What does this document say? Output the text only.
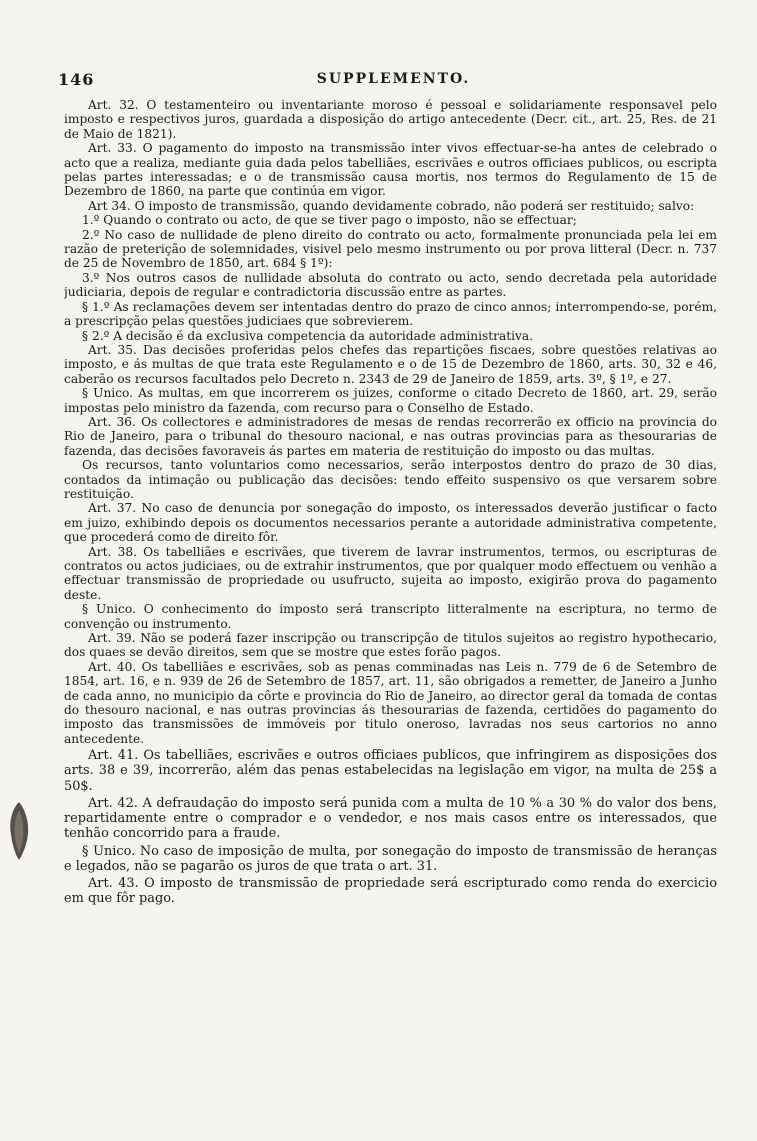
146	SUPPLEMENTO.

Art. 32. O testamenteiro ou inventariante moroso é pessoal e solidariamente responsavel pelo imposto e respectivos juros, guardada a disposição do artigo antecedente (Decr. cit., art. 25, Res. de 21 de Maio de 1821).

Art. 33. O pagamento do imposto na transmissão inter vivos effectuar-se-ha antes de celebrado o acto que a realiza, mediante guia dada pelos tabelliães, escrivães e outros officiaes publicos, ou escripta pelas partes interessadas; e o de transmissão causa mortis, nos termos do Regulamento de 15 de Dezembro de 1860, na parte que continúa em vigor.

Art 34. O imposto de transmissão, quando devidamente cobrado, não poderá ser restituido; salvo:

1.º Quando o contrato ou acto, de que se tiver pago o imposto, não se effectuar;

2.º No caso de nullidade de pleno direito do contrato ou acto, formalmente pronunciada pela lei em razão de preterição de solemnidades, visivel pelo mesmo instrumento ou por prova litteral (Decr. n. 737 de 25 de Novembro de 1850, art. 684 § 1º):

3.º Nos outros casos de nullidade absoluta do contrato ou acto, sendo decretada pela autoridade judiciaria, depois de regular e contradictoria discussão entre as partes.

§ 1.º As reclamações devem ser intentadas dentro do prazo de cinco annos; interrompendo-se, porém, a prescripção pelas questões judiciaes que sobrevierem.

§ 2.º A decisão é da exclusiva competencia da autoridade administrativa.

Art. 35. Das decisões proferidas pelos chefes das repartições fiscaes, sobre questões relativas ao imposto, e ás multas de que trata este Regulamento e o de 15 de Dezembro de 1860, arts. 30, 32 e 46, caberão os recursos facultados pelo Decreto n. 2343 de 29 de Janeiro de 1859, arts. 3º, § 1º, e 27.

§ Unico. As multas, em que incorrerem os juizes, conforme o citado Decreto de 1860, art. 29, serão impostas pelo ministro da fazenda, com recurso para o Conselho de Estado.

Art. 36. Os collectores e administradores de mesas de rendas recorrerão ex officio na provincia do Rio de Janeiro, para o tribunal do thesouro nacional, e nas outras provincias para as thesourarias de fazenda, das decisões favoraveis ás partes em materia de restituição do imposto ou das multas.

Os recursos, tanto voluntarios como necessarios, serão interpostos dentro do prazo de 30 dias, contados da intimação ou publicação das decisões: tendo effeito suspensivo os que versarem sobre restituição.

Art. 37. No caso de denuncia por sonegação do imposto, os interessados deverão justificar o facto em juizo, exhibindo depois os documentos necessarios perante a autoridade administrativa competente, que procederá como de direito fôr.

Art. 38. Os tabelliães e escrivães, que tiverem de lavrar instrumentos, termos, ou escripturas de contratos ou actos judiciaes, ou de extrahir instrumentos, que por qualquer modo effectuem ou venhão a effectuar transmissão de propriedade ou usufructo, sujeita ao imposto, exigirão prova do pagamento deste.

§ Unico. O conhecimento do imposto será transcripto litteralmente na escriptura, no termo de convenção ou instrumento.

Art. 39. Não se poderá fazer inscripção ou transcripção de titulos sujeitos ao registro hypothecario, dos quaes se devão direitos, sem que se mostre que estes forão pagos.

Art. 40. Os tabelliães e escrivães, sob as penas comminadas nas Leis n. 779 de 6 de Setembro de 1854, art. 16, e n. 939 de 26 de Setembro de 1857, art. 11, são obrigados a remetter, de Janeiro a Junho de cada anno, no municipio da côrte e provincia do Rio de Janeiro, ao director geral da tomada de contas do thesouro nacional, e nas outras provincias ás thesourarias de fazenda, certidões do pagamento do imposto das transmissões de immóveis por titulo oneroso, lavradas nos seus cartorios no anno antecedente.

Art. 41. Os tabelliães, escrivães e outros officiaes publicos, que infringirem as disposições dos arts. 38 e 39, incorrerão, além das penas estabelecidas na legislação em vigor, na multa de 25$ a 50$.

Art. 42. A defraudação do imposto será punida com a multa de 10 % a 30 % do valor dos bens, repartidamente entre o comprador e o vendedor, e nos mais casos entre os interessados, que tenhão concorrido para a fraude.

§ Unico. No caso de imposição de multa, por sonegação do imposto de transmissão de heranças e legados, não se pagarão os juros de que trata o art. 31.

Art. 43. O imposto de transmissão de propriedade será escripturado como renda do exercicio em que fôr pago.
